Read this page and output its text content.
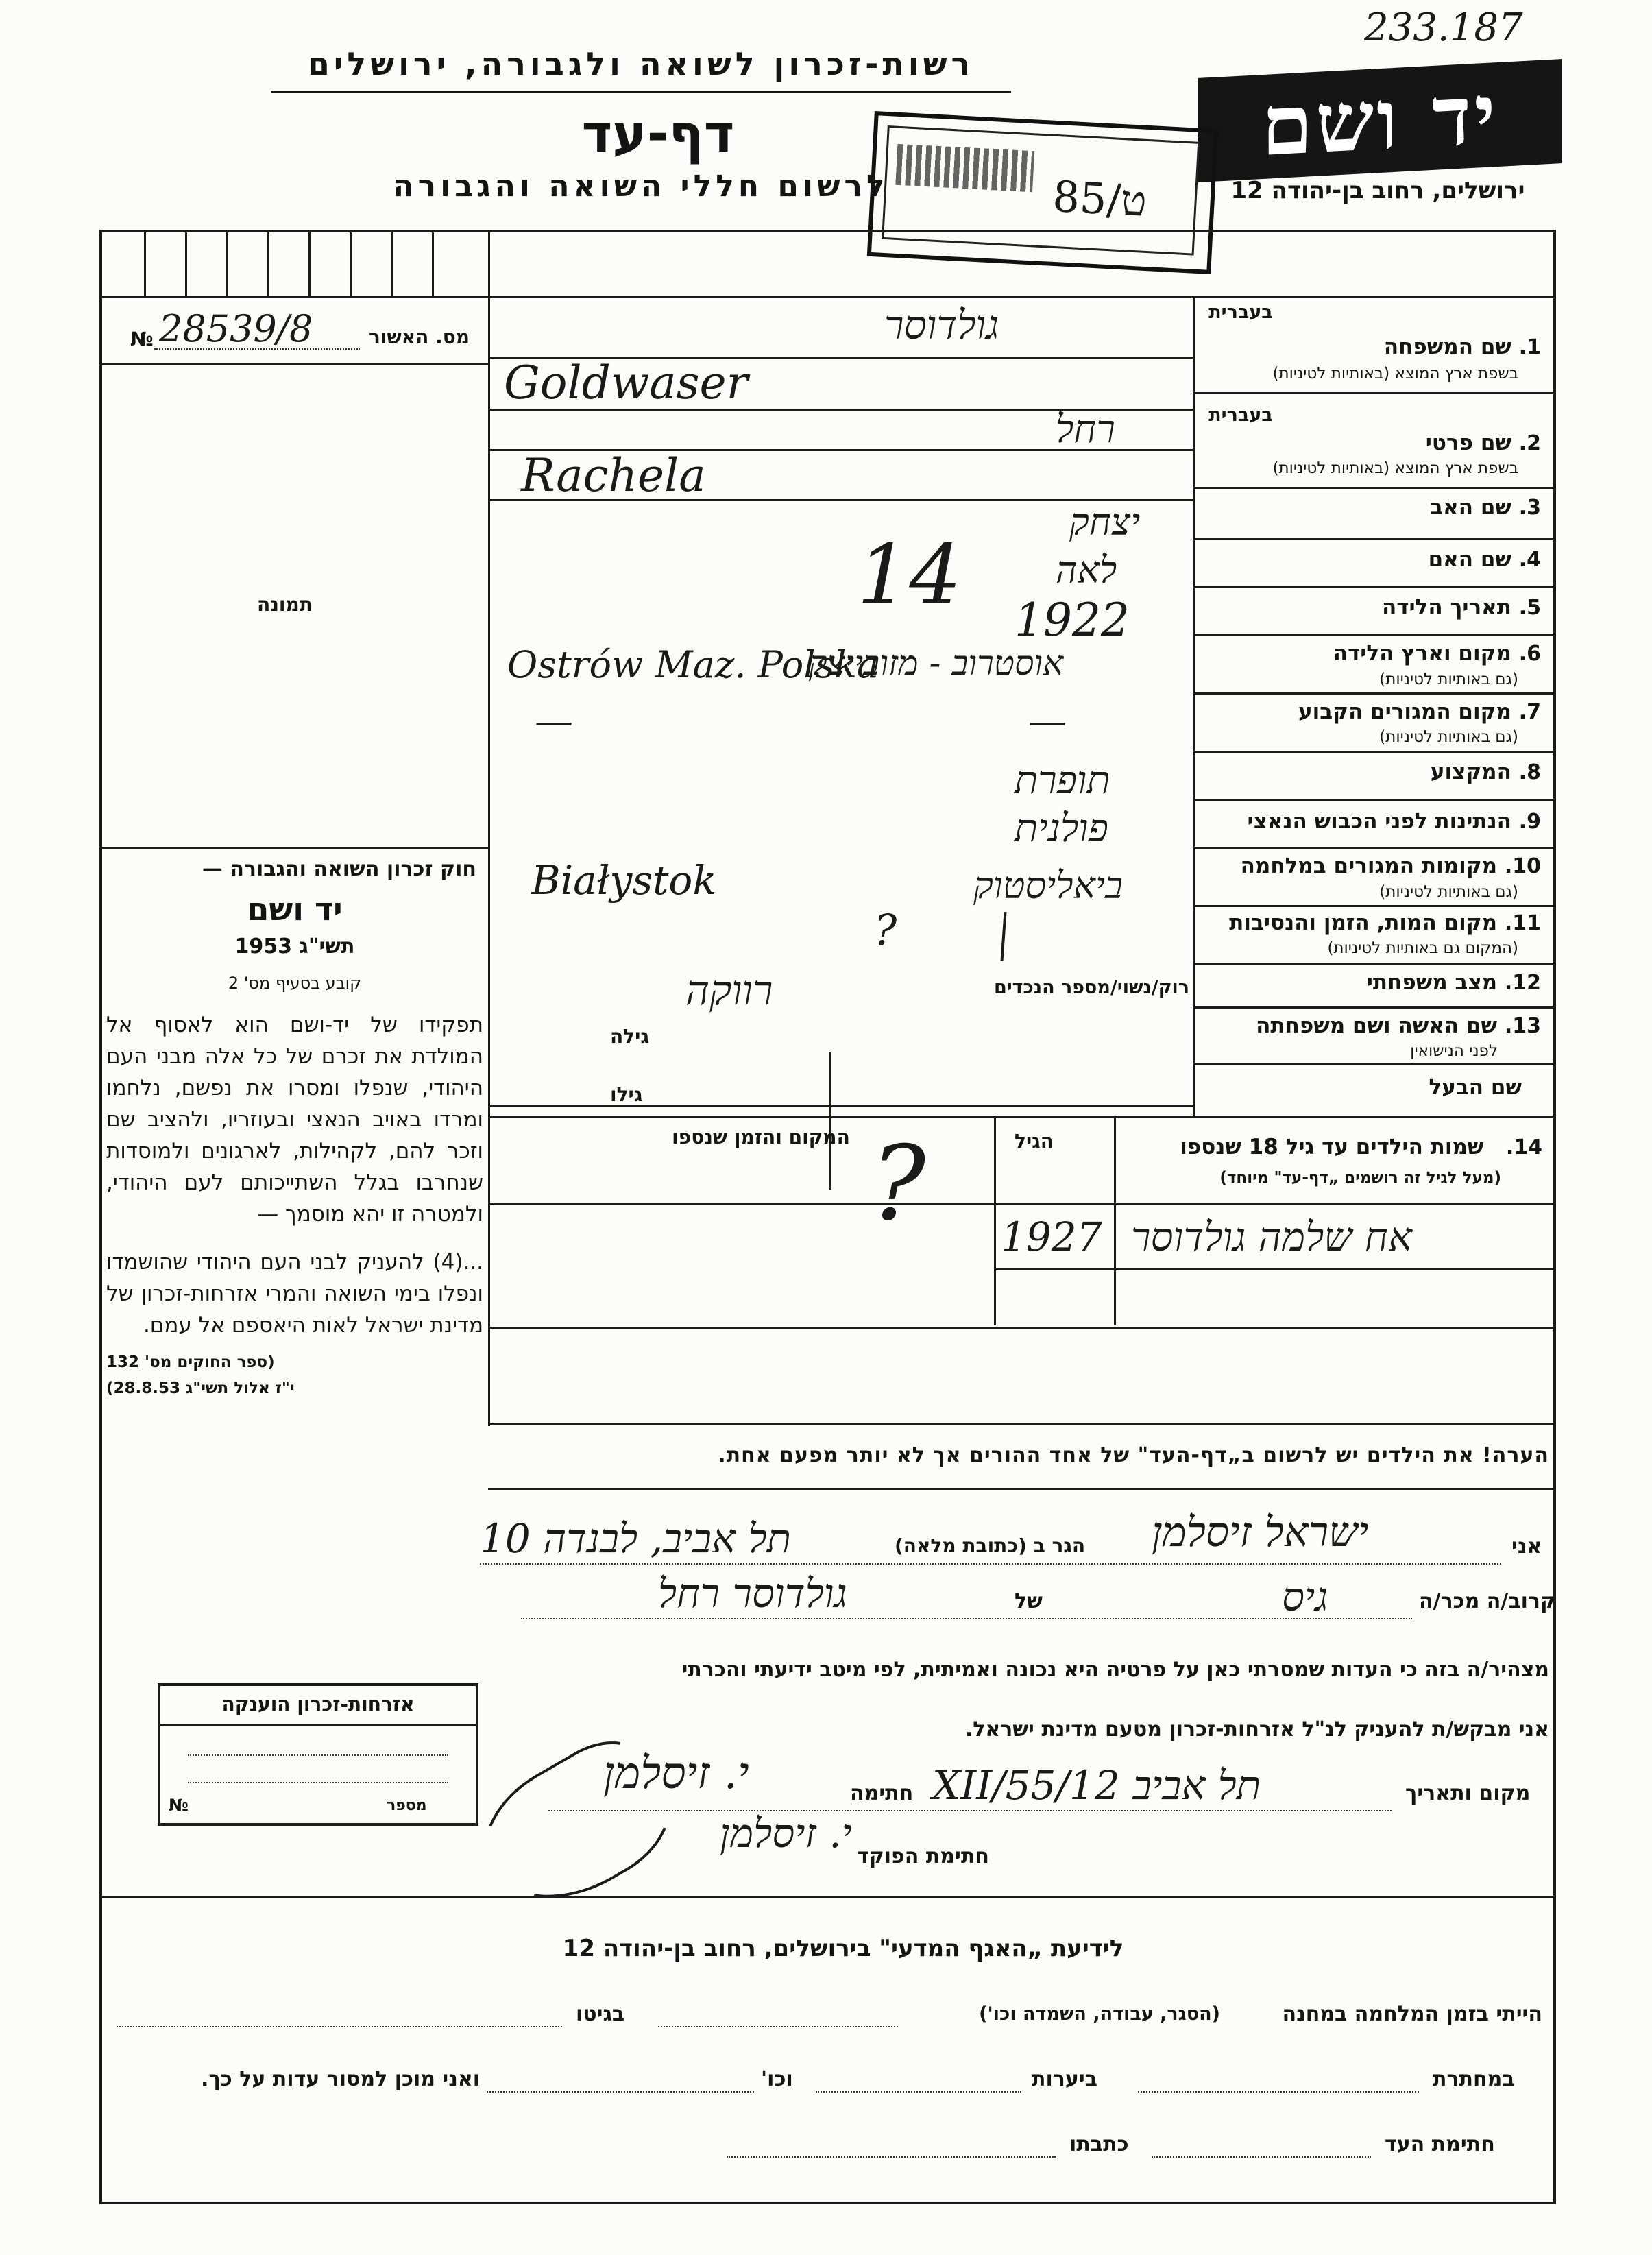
233.187
רשות-זכרון לשואה ולגבורה, ירושלים
יד ושם
דף-עד
לרשום חללי השואה והגבורה	ירושלים, רחוב בן-יהודה 12
85/ט
מס. האשור
28539/8
№
תמונה
חוק זכרון השואה והגבורה —
יד ושם
תשי"ג 1953
קובע בסעיף מס' 2

תפקידו של יד-ושם הוא לאסוף אל המולדת את זכרם של כל אלה מבני העם היהודי, שנפלו ומסרו את נפשם, נלחמו ומרדו באויב הנאצי ובעוזריו, ולהציב שם וזכר להם, לקהילות, לארגונים ולמוסדות שנחרבו בגלל השתייכותם לעם היהודי, ולמטרה זו יהא מוסמך —

...(4) להעניק לבני העם היהודי שהושמדו ונפלו בימי השואה והמרי אזרחות-זכרון של מדינת ישראל לאות היאספם אל עמם.

(ספר החוקים מס' 132
י"ז אלול תשי"ג 28.8.53)
בעברית
1. שם המשפחה
בשפת ארץ המוצא (באותיות לטיניות)
בעברית
2. שם פרטי
בשפת ארץ המוצא (באותיות לטיניות)
3. שם האב
4. שם האם
5. תאריך הלידה
6. מקום וארץ הלידה
(גם באותיות לטיניות)
7. מקום המגורים הקבוע
(גם באותיות לטיניות)
8. המקצוע
9. הנתינות לפני הכבוש הנאצי
10. מקומות המגורים במלחמה
(גם באותיות לטיניות)
11. מקום המות, הזמן והנסיבות
(המקום גם באותיות לטיניות)
12. מצב משפחתי
13. שם האשה ושם משפחתה
לפני הנישואין
שם הבעל
גולדוסר
Goldwaser
רחל
Rachela
יצחק
לאה
14 1922
Ostrów Maz. Polska
אוסטרוב - מזובייצק
—
—
תופרת
פולנית
Białystok	ביאליסטוק
?
רוק/נשוי/מספר הנכדים
רווקה
גילה
גילו
14.   שמות הילדים עד גיל 18 שנספו
(מעל לגיל זה רושמים „דף-עד" מיוחד)
הגיל
המקום והזמן שנספו
אח שלמה גולדוסר
1927
?
הערה! את הילדים יש לרשום ב„דף-העד" של אחד ההורים אך לא יותר מפעם אחת.
אני
ישראל זיסלמן
הגר ב (כתובת מלאה)
תל אביב, לבנדה 10
קרוב/ה מכר/ה
גיס
של
גולדוסר רחל
מצהיר/ה בזה כי העדות שמסרתי כאן על פרטיה היא נכונה ואמיתית, לפי מיטב ידיעתי והכרתי
אני מבקש/ת להעניק לנ"ל אזרחות-זכרון מטעם מדינת ישראל.
מקום ותאריך
תל אביב 12/XII/55
חתימה
י. זיסלמן
חתימת הפוקד
י. זיסלמן
אזרחות-זכרון הוענקה
מספר
№
לידיעת „האגף המדעי" בירושלים, רחוב בן-יהודה 12
הייתי בזמן המלחמה במחנה
(הסגר, עבודה, השמדה וכו')
בגיטו
במחתרת
ביערות
וכו'
ואני מוכן למסור עדות על כך.
חתימת העד
כתבתו
